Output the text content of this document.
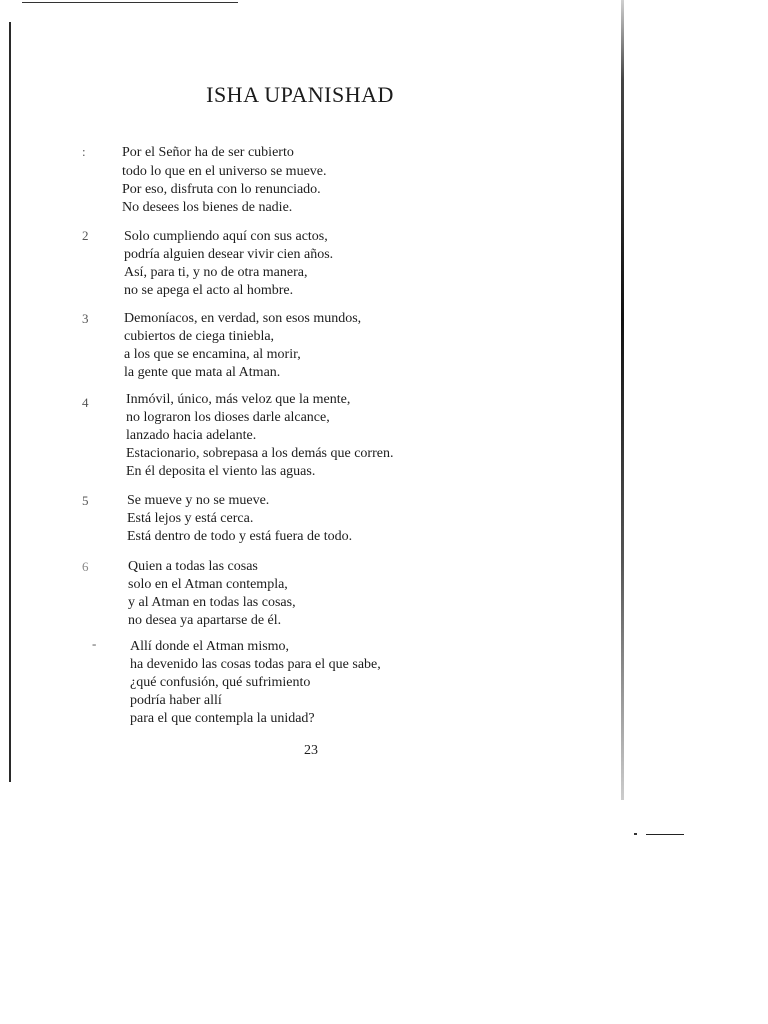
ISHA UPANISHAD
:	Por el Señor ha de ser cubierto
todo lo que en el universo se mueve.
Por eso, disfruta con lo renunciado.
No desees los bienes de nadie.
2	Solo cumpliendo aquí con sus actos,
podría alguien desear vivir cien años.
Así, para ti, y no de otra manera,
no se apega el acto al hombre.
3	Demoníacos, en verdad, son esos mundos,
cubiertos de ciega tiniebla,
a los que se encamina, al morir,
la gente que mata al Atman.
4	Inmóvil, único, más veloz que la mente,
no lograron los dioses darle alcance,
lanzado hacia adelante.
Estacionario, sobrepasa a los demás que corren.
En él deposita el viento las aguas.
5	Se mueve y no se mueve.
Está lejos y está cerca.
Está dentro de todo y está fuera de todo.
6	Quien a todas las cosas
solo en el Atman contempla,
y al Atman en todas las cosas,
no desea ya apartarse de él.
- Allí donde el Atman mismo,
ha devenido las cosas todas para el que sabe,
¿qué confusión, qué sufrimiento
podría haber allí
para el que contempla la unidad?
23
